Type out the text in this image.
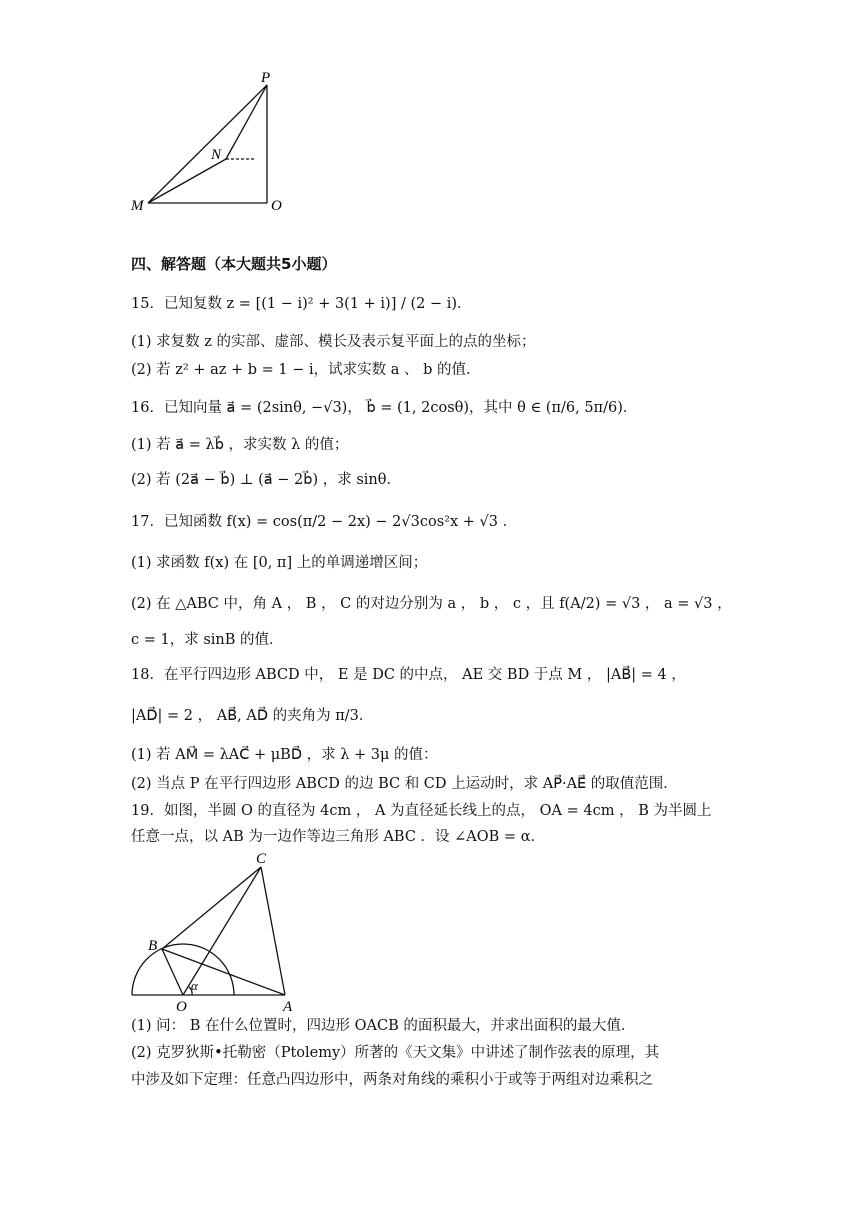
P
N
M	O
四、解答题（本大题共5小题）
15．已知复数 z = [(1 − i)² + 3(1 + i)] / (2 − i)．
(1) 求复数 z 的实部、虚部、模长及表示复平面上的点的坐标；
(2) 若 z² + az + b = 1 − i，试求实数 a 、 b 的值.
16．已知向量 a⃗ = (2sinθ, −√3)， b⃗ = (1, 2cosθ)，其中 θ ∈ (π/6, 5π/6)．
(1) 若 a⃗ = λb⃗ ，求实数 λ 的值；
(2) 若 (2a⃗ − b⃗) ⊥ (a⃗ − 2b⃗) ，求 sinθ．
17．已知函数 f(x) = cos(π/2 − 2x) − 2√3cos²x + √3 ．
(1) 求函数 f(x) 在 [0, π] 上的单调递增区间；
(2) 在 △ABC 中，角 A ， B ， C 的对边分别为 a ， b ， c ，且 f(A/2) = √3 ， a = √3 ，
c = 1，求 sinB 的值．
18．在平行四边形 ABCD 中， E 是 DC 的中点， AE 交 BD 于点 M ， |AB⃗| = 4 ，
|AD⃗| = 2 ， AB⃗, AD⃗ 的夹角为 π/3．
(1) 若 AM⃗ = λAC⃗ + μBD⃗ ，求 λ + 3μ 的值：
(2) 当点 P 在平行四边形 ABCD 的边 BC 和 CD 上运动时，求 AP⃗·AE⃗ 的取值范围．
19．如图，半圆 O 的直径为 4cm ， A 为直径延长线上的点， OA = 4cm ， B 为半圆上
任意一点，以 AB 为一边作等边三角形 ABC ．设 ∠AOB = α．
C
B
O	A
α
(1) 问： B 在什么位置时，四边形 OACB 的面积最大，并求出面积的最大值．
(2) 克罗狄斯•托勒密（Ptolemy）所著的《天文集》中讲述了制作弦表的原理，其
中涉及如下定理：任意凸四边形中，两条对角线的乘积小于或等于两组对边乘积之
